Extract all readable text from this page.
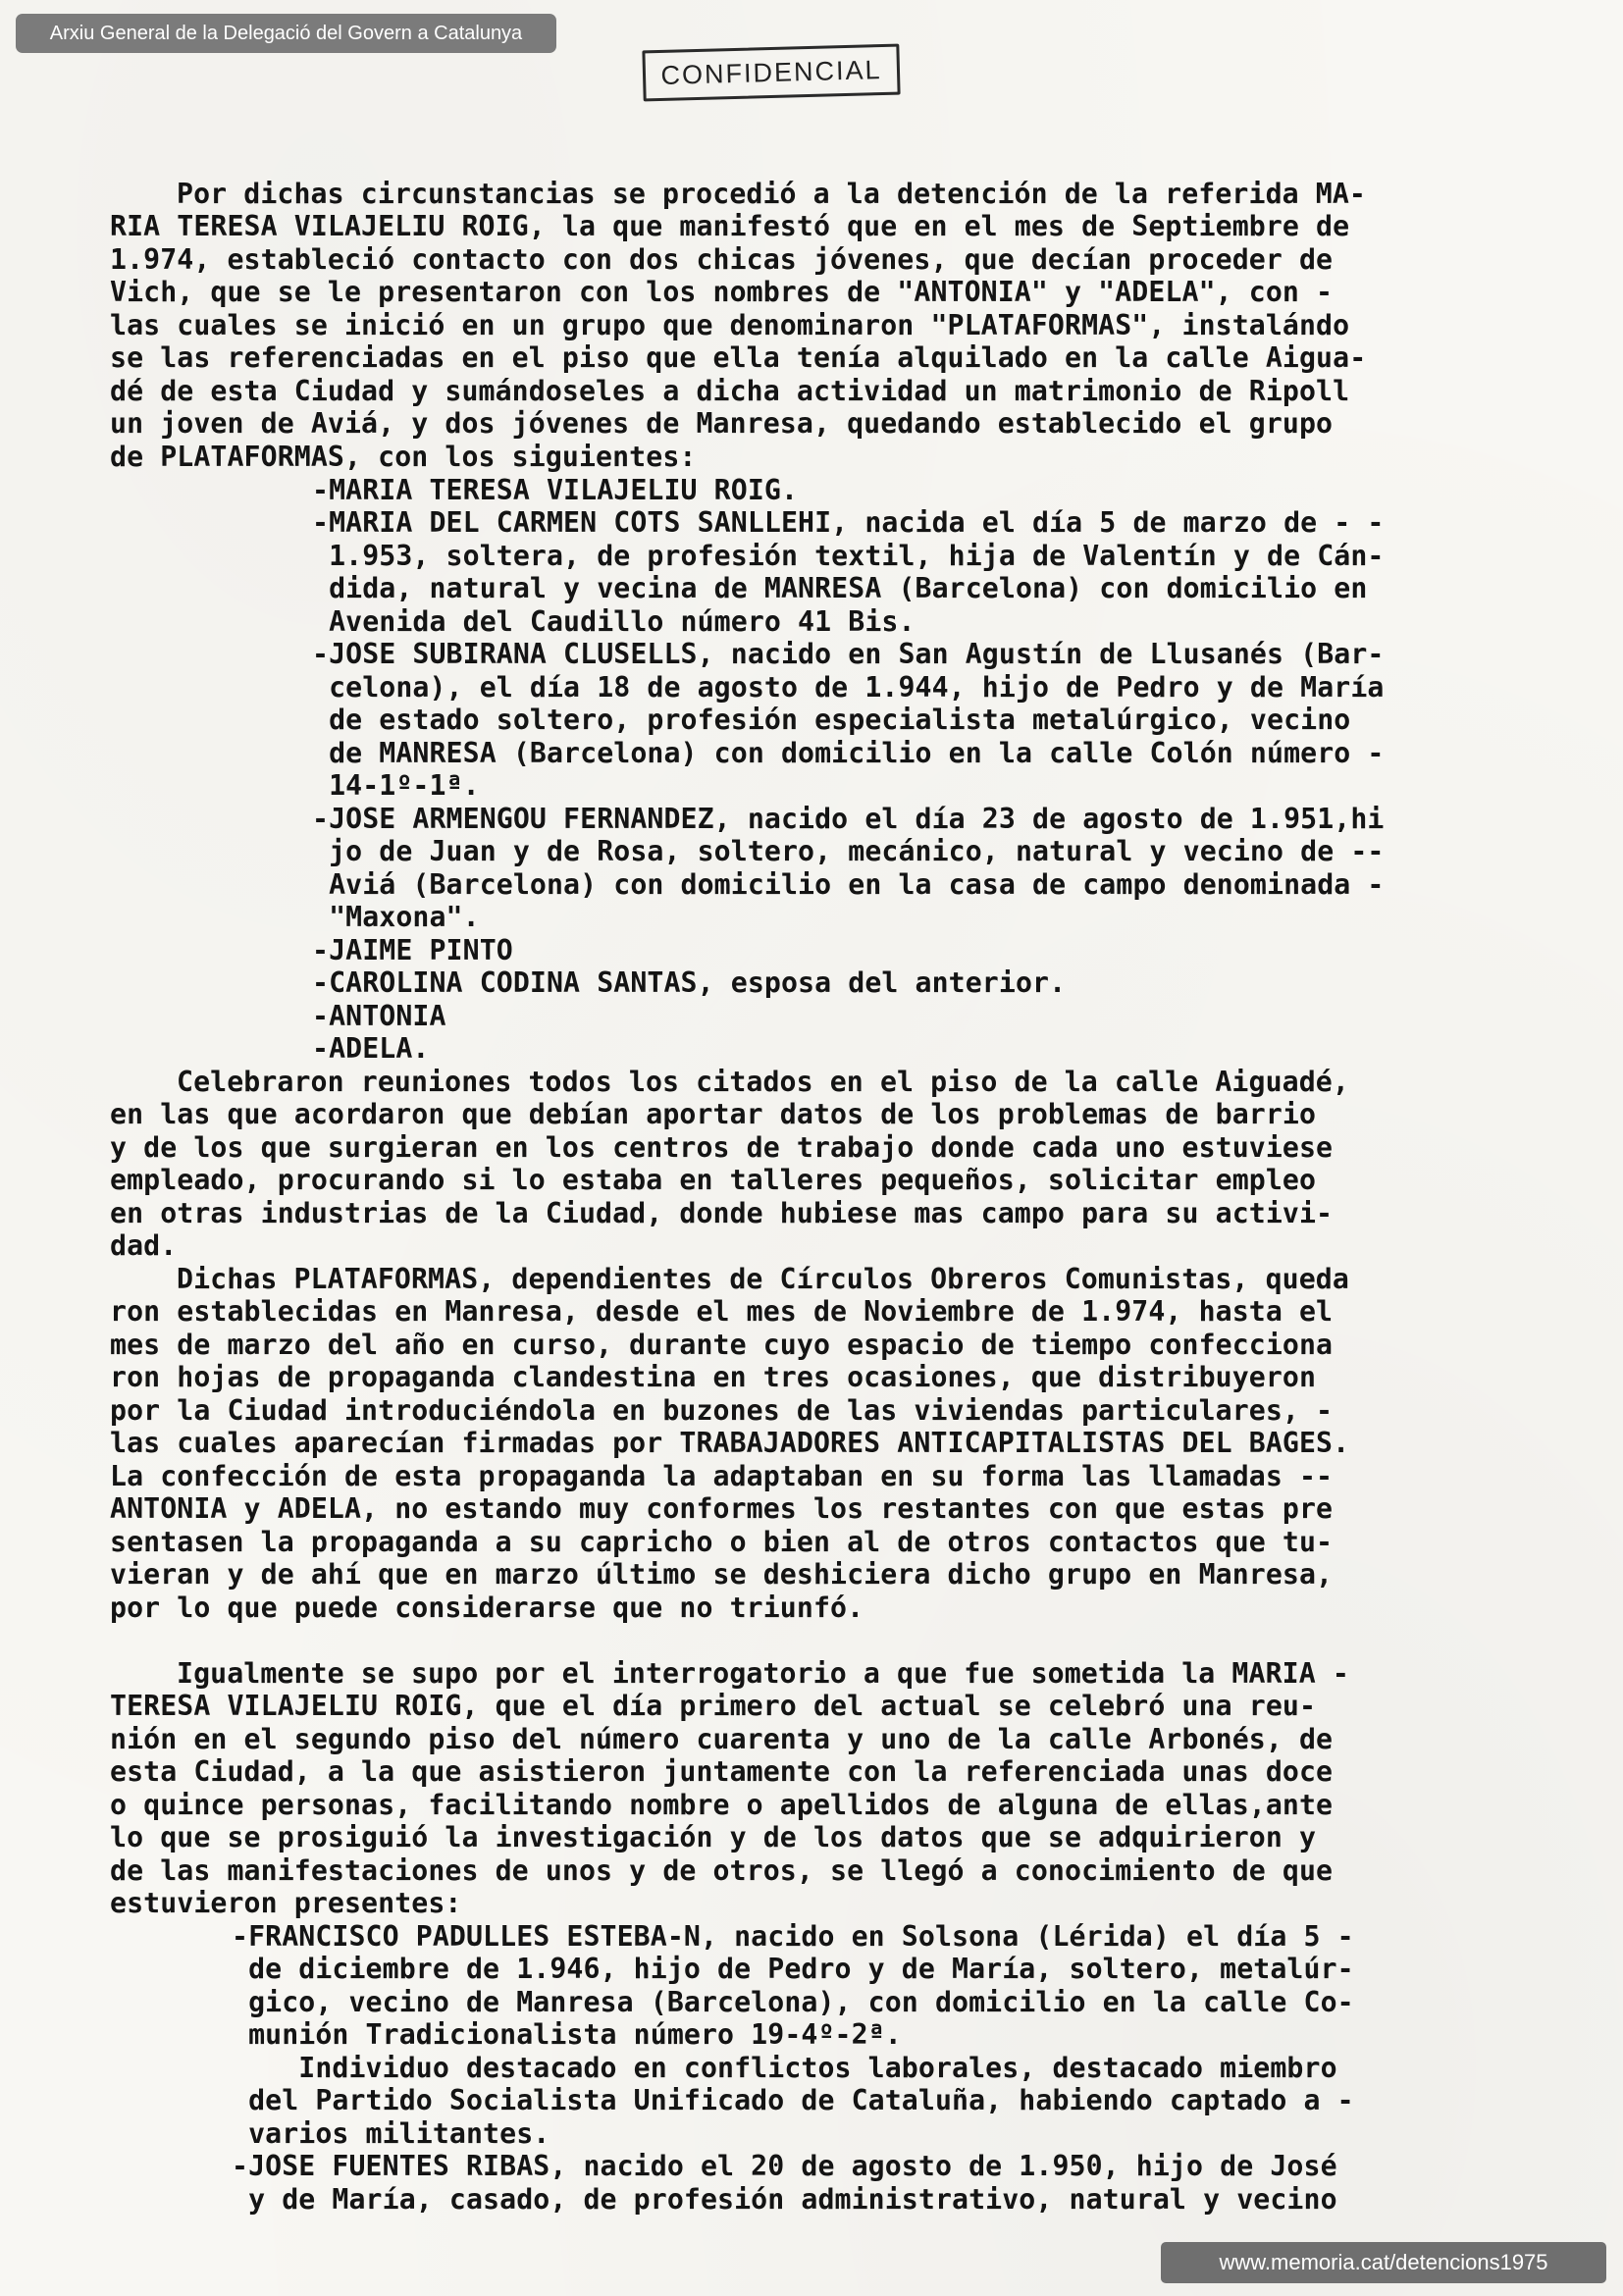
Arxiu General de la Delegació del Govern a Catalunya
CONFIDENCIAL
Por dichas circunstancias se procedió a la detención de la referida MA-
RIA TERESA VILAJELIU ROIG, la que manifestó que en el mes de Septiembre de
1.974, estableció contacto con dos chicas jóvenes, que decían proceder de
Vich, que se le presentaron con los nombres de "ANTONIA" y "ADELA", con -
las cuales se inició en un grupo que denominaron "PLATAFORMAS", instalándo
se las referenciadas en el piso que ella tenía alquilado en la calle Aigua-
dé de esta Ciudad y sumándoseles a dicha actividad un matrimonio de Ripoll
un joven de Aviá, y dos jóvenes de Manresa, quedando establecido el grupo
de PLATAFORMAS, con los siguientes:
-MARIA TERESA VILAJELIU ROIG.
-MARIA DEL CARMEN COTS SANLLEHI, nacida el día 5 de marzo de - -
1.953, soltera, de profesión textil, hija de Valentín y de Cán-
dida, natural y vecina de MANRESA (Barcelona) con domicilio en
Avenida del Caudillo número 41 Bis.
-JOSE SUBIRANA CLUSELLS, nacido en San Agustín de Llusanés (Bar-
celona), el día 18 de agosto de 1.944, hijo de Pedro y de María
de estado soltero, profesión especialista metalúrgico, vecino
de MANRESA (Barcelona) con domicilio en la calle Colón número -
14-1º-1ª.
-JOSE ARMENGOU FERNANDEZ, nacido el día 23 de agosto de 1.951,hi
jo de Juan y de Rosa, soltero, mecánico, natural y vecino de --
Aviá (Barcelona) con domicilio en la casa de campo denominada -
"Maxona".
-JAIME PINTO
-CAROLINA CODINA SANTAS, esposa del anterior.
-ANTONIA
-ADELA.
Celebraron reuniones todos los citados en el piso de la calle Aiguadé,
en las que acordaron que debían aportar datos de los problemas de barrio
y de los que surgieran en los centros de trabajo donde cada uno estuviese
empleado, procurando si lo estaba en talleres pequeños, solicitar empleo
en otras industrias de la Ciudad, donde hubiese mas campo para su activi-
dad.
Dichas PLATAFORMAS, dependientes de Círculos Obreros Comunistas, queda
ron establecidas en Manresa, desde el mes de Noviembre de 1.974, hasta el
mes de marzo del año en curso, durante cuyo espacio de tiempo confecciona
ron hojas de propaganda clandestina en tres ocasiones, que distribuyeron
por la Ciudad introduciéndola en buzones de las viviendas particulares, -
las cuales aparecían firmadas por TRABAJADORES ANTICAPITALISTAS DEL BAGES.
La confección de esta propaganda la adaptaban en su forma las llamadas --
ANTONIA y ADELA, no estando muy conformes los restantes con que estas pre
sentasen la propaganda a su capricho o bien al de otros contactos que tu-
vieran y de ahí que en marzo último se deshiciera dicho grupo en Manresa,
por lo que puede considerarse que no triunfó.
Igualmente se supo por el interrogatorio a que fue sometida la MARIA -
TERESA VILAJELIU ROIG, que el día primero del actual se celebró una reu-
nión en el segundo piso del número cuarenta y uno de la calle Arbonés, de
esta Ciudad, a la que asistieron juntamente con la referenciada unas doce
o quince personas, facilitando nombre o apellidos de alguna de ellas,ante
lo que se prosiguió la investigación y de los datos que se adquirieron y
de las manifestaciones de unos y de otros, se llegó a conocimiento de que
estuvieron presentes:
-FRANCISCO PADULLES ESTEBA-N, nacido en Solsona (Lérida) el día 5 -
de diciembre de 1.946, hijo de Pedro y de María, soltero, metalúr-
gico, vecino de Manresa (Barcelona), con domicilio en la calle Co-
munión Tradicionalista número 19-4º-2ª.
Individuo destacado en conflictos laborales, destacado miembro
del Partido Socialista Unificado de Cataluña, habiendo captado a -
varios militantes.
-JOSE FUENTES RIBAS, nacido el 20 de agosto de 1.950, hijo de José
y de María, casado, de profesión administrativo, natural y vecino
www.memoria.cat/detencions1975
